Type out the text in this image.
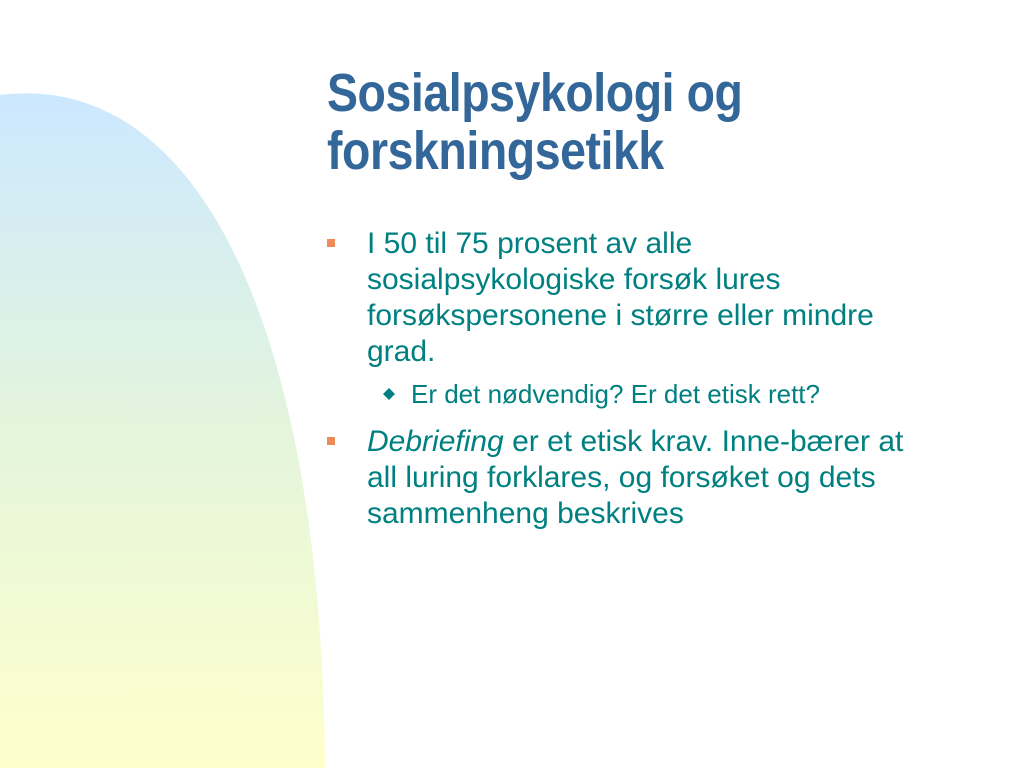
Sosialpsykologi og
forskningsetikk
I 50 til 75 prosent av alle sosialpsykologiske forsøk lures forsøkspersonene i større eller mindre grad.
Er det nødvendig? Er det etisk rett?
Debriefing er et etisk krav. Inne-bærer at all luring forklares, og forsøket og dets sammenheng beskrives
